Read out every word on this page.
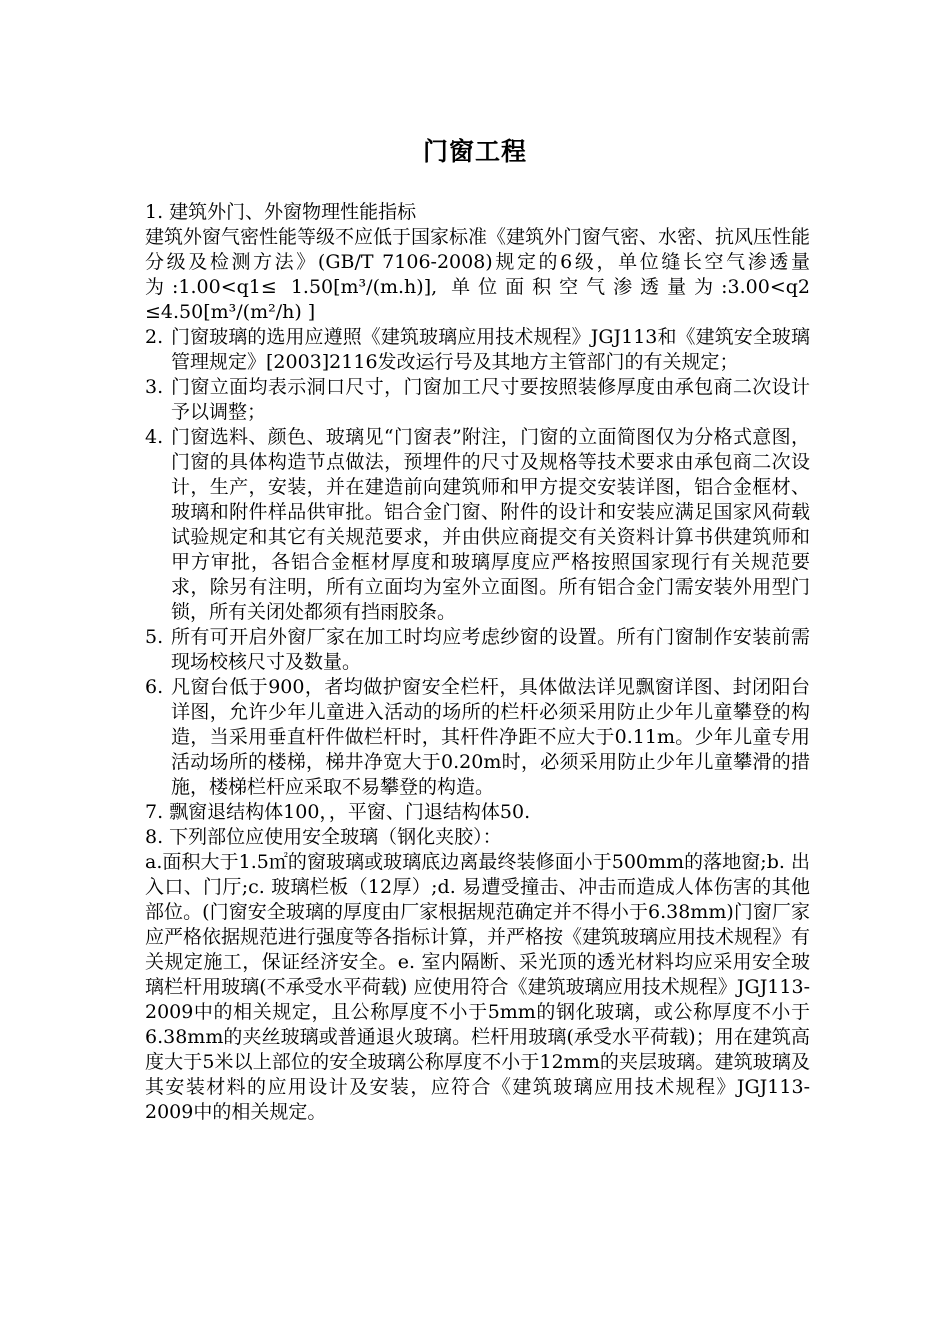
门窗工程

1. 建筑外门、外窗物理性能指标

建筑外窗气密性能等级不应低于国家标准《建筑外门窗气密、水密、抗风压性能分级及检测方法》(GB/T 7106-2008)规定的6级，单位缝长空气渗透量为:1.00<q1≤ 1.50[m³/(m.h)], 单位面积空气渗透量为:3.00<q2 ≤4.50[m³/(m²/h) ]

2. 门窗玻璃的选用应遵照《建筑玻璃应用技术规程》JGJ113和《建筑安全玻璃管理规定》[2003]2116发改运行号及其地方主管部门的有关规定；

3. 门窗立面均表示洞口尺寸，门窗加工尺寸要按照装修厚度由承包商二次设计予以调整；

4. 门窗选料、颜色、玻璃见“门窗表”附注，门窗的立面简图仅为分格式意图，门窗的具体构造节点做法，预埋件的尺寸及规格等技术要求由承包商二次设计，生产，安装，并在建造前向建筑师和甲方提交安装详图，铝合金框材、玻璃和附件样品供审批。铝合金门窗、附件的设计和安装应满足国家风荷载试验规定和其它有关规范要求，并由供应商提交有关资料计算书供建筑师和甲方审批，各铝合金框材厚度和玻璃厚度应严格按照国家现行有关规范要求，除另有注明，所有立面均为室外立面图。所有铝合金门需安装外用型门锁，所有关闭处都须有挡雨胶条。

5. 所有可开启外窗厂家在加工时均应考虑纱窗的设置。所有门窗制作安装前需现场校核尺寸及数量。

6. 凡窗台低于900，者均做护窗安全栏杆，具体做法详见飘窗详图、封闭阳台详图，允许少年儿童进入活动的场所的栏杆必须采用防止少年儿童攀登的构造，当采用垂直杆件做栏杆时，其杆件净距不应大于0.11m。少年儿童专用活动场所的楼梯，梯井净宽大于0.20m时，必须采用防止少年儿童攀滑的措施，楼梯栏杆应采取不易攀登的构造。

7. 飘窗退结构体100，，平窗、门退结构体50.

8. 下列部位应使用安全玻璃（钢化夹胶）：

a.面积大于1.5㎡的窗玻璃或玻璃底边离最终装修面小于500mm的落地窗;b. 出入口、门厅;c. 玻璃栏板（12厚）;d. 易遭受撞击、冲击而造成人体伤害的其他部位。(门窗安全玻璃的厚度由厂家根据规范确定并不得小于6.38mm)门窗厂家应严格依据规范进行强度等各指标计算，并严格按《建筑玻璃应用技术规程》有关规定施工，保证经济安全。e. 室内隔断、采光顶的透光材料均应采用安全玻璃栏杆用玻璃(不承受水平荷载) 应使用符合《建筑玻璃应用技术规程》JGJ113-2009中的相关规定，且公称厚度不小于5mm的钢化玻璃，或公称厚度不小于6.38mm的夹丝玻璃或普通退火玻璃。栏杆用玻璃(承受水平荷载)；用在建筑高度大于5米以上部位的安全玻璃公称厚度不小于12mm的夹层玻璃。建筑玻璃及其安装材料的应用设计及安装，应符合《建筑玻璃应用技术规程》JGJ113-2009中的相关规定。
